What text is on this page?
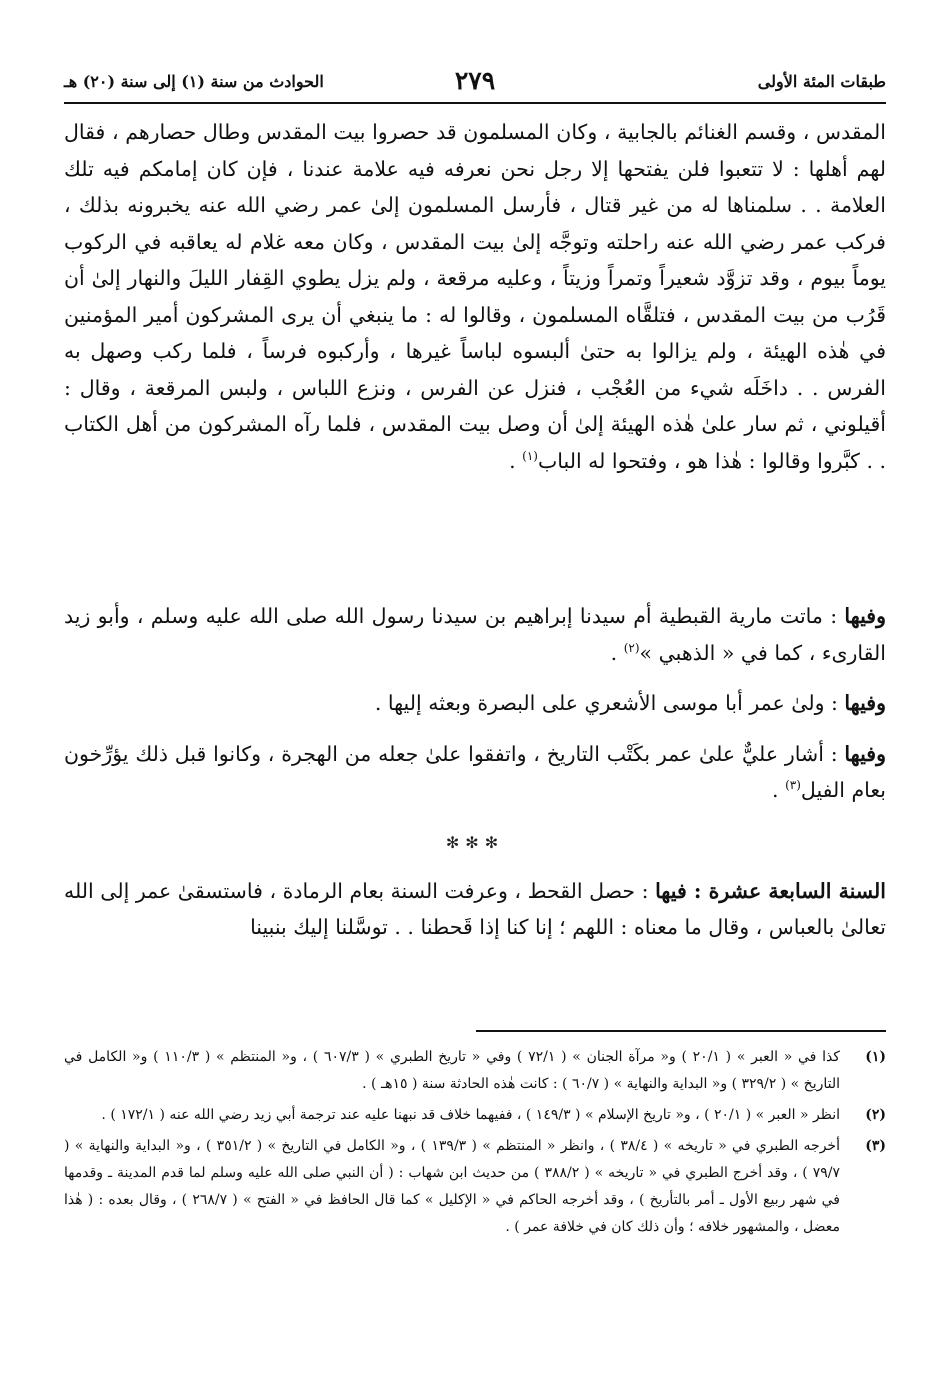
طبقات المئة الأولى
٢٧٩
الحوادث من سنة (١) إلى سنة (٢٠) هـ

المقدس ، وقسم الغنائم بالجابية ، وكان المسلمون قد حصروا بيت المقدس وطال حصارهم ، فقال لهم أهلها : لا تتعبوا فلن يفتحها إلا رجل نحن نعرفه فيه علامة عندنا ، فإن كان إمامكم فيه تلك العلامة . . سلمناها له من غير قتال ، فأرسل المسلمون إلىٰ عمر رضي الله عنه يخبرونه بذلك ، فركب عمر رضي الله عنه راحلته وتوجَّه إلىٰ بيت المقدس ، وكان معه غلام له يعاقبه في الركوب يوماً بيوم ، وقد تزوَّد شعيراً وتمراً وزيتاً ، وعليه مرقعة ، ولم يزل يطوي القِفار الليلَ والنهار إلىٰ أن قَرُب من بيت المقدس ، فتلقَّاه المسلمون ، وقالوا له : ما ينبغي أن يرى المشركون أمير المؤمنين في هٰذه الهيئة ، ولم يزالوا به حتىٰ ألبسوه لباساً غيرها ، وأركبوه فرساً ، فلما ركب وصهل به الفرس . . داخَلَه شيء من العُجْب ، فنزل عن الفرس ، ونزع اللباس ، ولبس المرقعة ، وقال : أقيلوني ، ثم سار علىٰ هٰذه الهيئة إلىٰ أن وصل بيت المقدس ، فلما رآه المشركون من أهل الكتاب . . كبَّروا وقالوا : هٰذا هو ، وفتحوا له الباب$^{(١)}$ .

وفيها : ماتت مارية القبطية أم سيدنا إبراهيم بن سيدنا رسول الله صلى الله عليه وسلم ، وأبو زيد القارىء ، كما في « الذهبي »$^{(٢)}$ .

وفيها : ولىٰ عمر أبا موسى الأشعري على البصرة وبعثه إليها .

وفيها : أشار عليٌّ علىٰ عمر بكَتْب التاريخ ، واتفقوا علىٰ جعله من الهجرة ، وكانوا قبل ذلك يؤرِّخون بعام الفيل$^{(٣)}$ .

✻✻✻

السنة السابعة عشرة : فيها : حصل القحط ، وعرفت السنة بعام الرمادة ، فاستسقىٰ عمر إلى الله تعالىٰ بالعباس ، وقال ما معناه : اللهم ؛ إنا كنا إذا قَحطنا . . توسَّلنا إليك بنبينا

(١)
كذا في « العبر » ( ٢٠/١ ) و« مرآة الجنان » ( ٧٢/١ ) وفي « تاريخ الطبري » ( ٦٠٧/٣ ) ، و« المنتظم » ( ١١٠/٣ ) و« الكامل في التاريخ » ( ٣٢٩/٢ ) و« البداية والنهاية » ( ٦٠/٧ ) : كانت هٰذه الحادثة سنة ( ١٥هـ ) .
(٢)
انظر « العبر » ( ٢٠/١ ) ، و« تاريخ الإسلام » ( ١٤٩/٣ ) ، ففيهما خلاف قد نبهنا عليه عند ترجمة أبي زيد رضي الله عنه ( ١٧٢/١ ) .
(٣)
أخرجه الطبري في « تاريخه » ( ٣٨/٤ ) ، وانظر « المنتظم » ( ١٣٩/٣ ) ، و« الكامل في التاريخ » ( ٣٥١/٢ ) ، و« البداية والنهاية » ( ٧٩/٧ ) ، وقد أخرج الطبري في « تاريخه » ( ٣٨٨/٢ ) من حديث ابن شهاب : ( أن النبي صلى الله عليه وسلم لما قدم المدينة ـ وقدمها في شهر ربيع الأول ـ أمر بالتأريخ ) ، وقد أخرجه الحاكم في « الإكليل » كما قال الحافظ في « الفتح » ( ٢٦٨/٧ ) ، وقال بعده : ( هٰذا معضل ، والمشهور خلافه ؛ وأن ذلك كان في خلافة عمر ) .
